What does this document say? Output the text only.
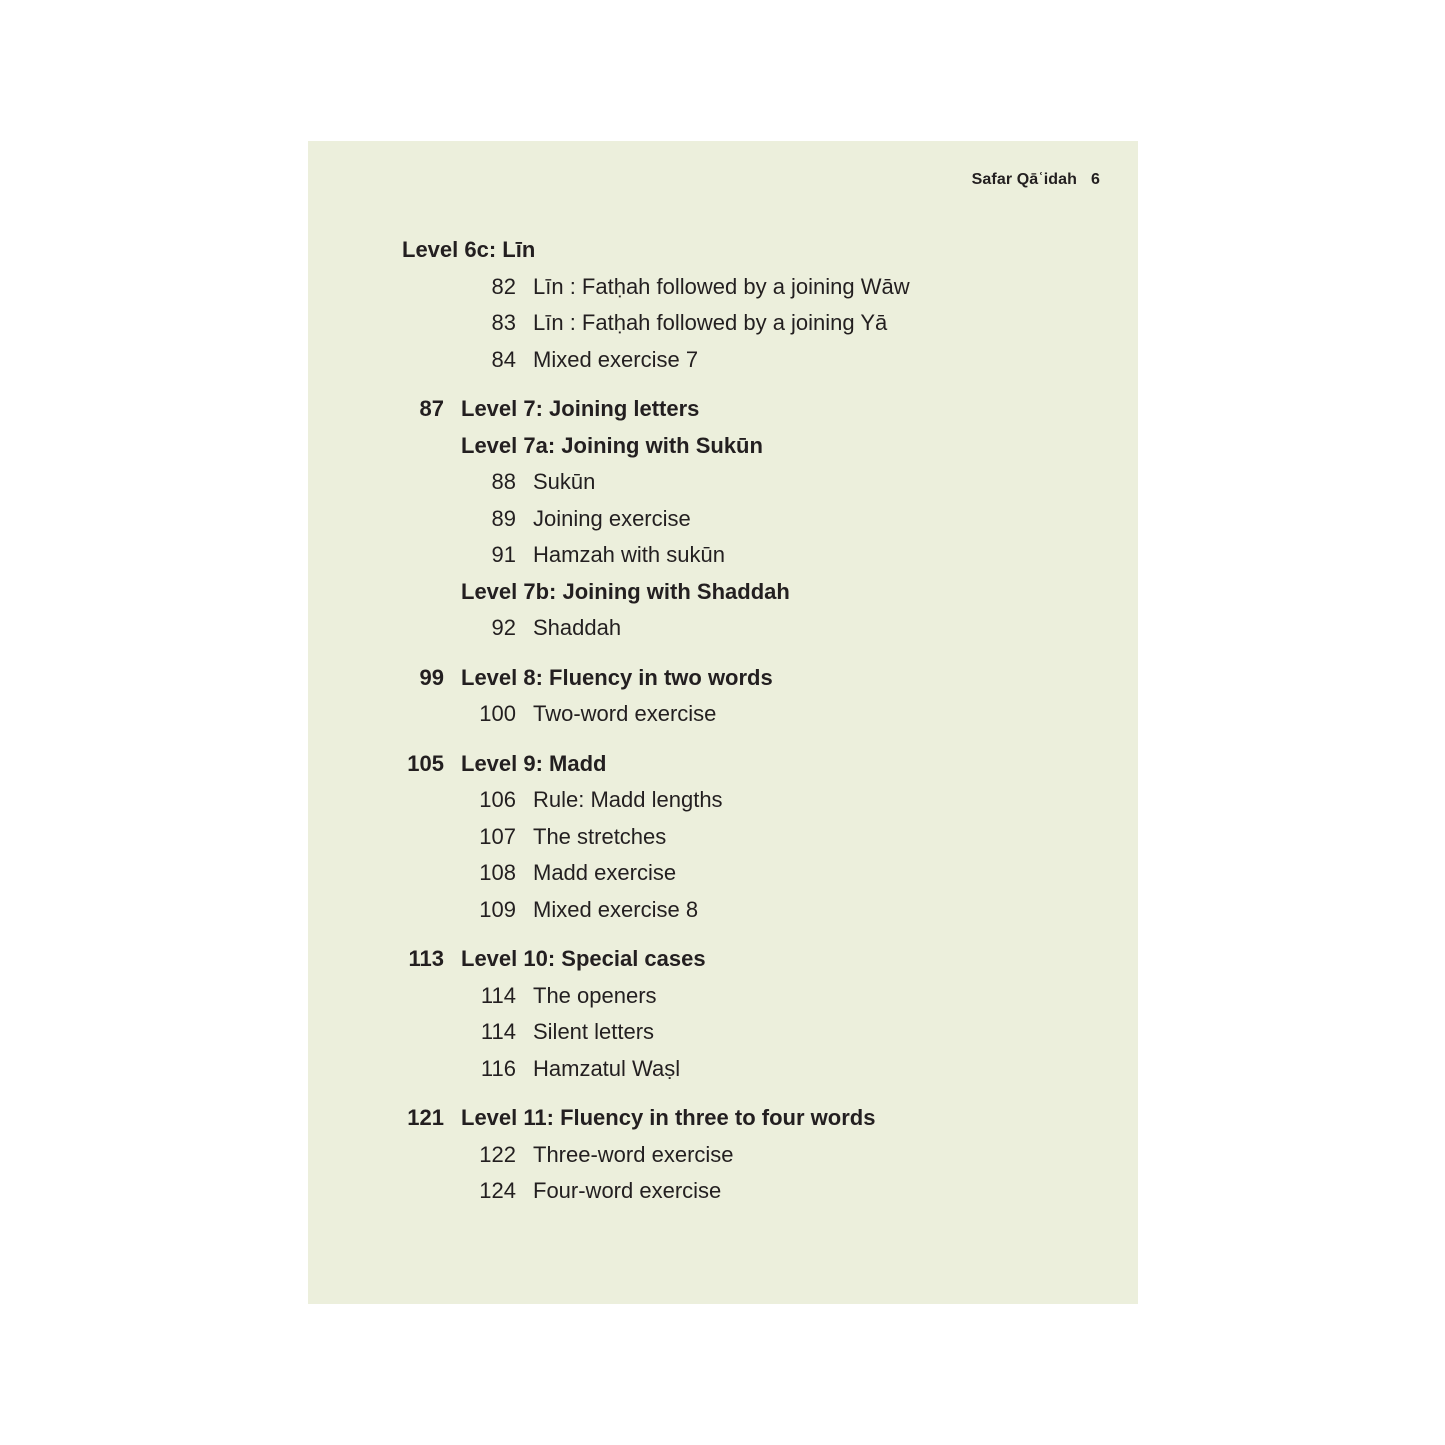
Safar Qāʿidah 6
Level 6c: Līn
82 Līn : Fatḥah followed by a joining Wāw
83 Līn : Fatḥah followed by a joining Yā
84 Mixed exercise 7
87 Level 7: Joining letters
Level 7a: Joining with Sukūn
88 Sukūn
89 Joining exercise
91 Hamzah with sukūn
Level 7b: Joining with Shaddah
92 Shaddah
99 Level 8: Fluency in two words
100 Two-word exercise
105 Level 9: Madd
106 Rule: Madd lengths
107 The stretches
108 Madd exercise
109 Mixed exercise 8
113 Level 10: Special cases
114 The openers
114 Silent letters
116 Hamzatul Waṣl
121 Level 11: Fluency in three to four words
122 Three-word exercise
124 Four-word exercise
